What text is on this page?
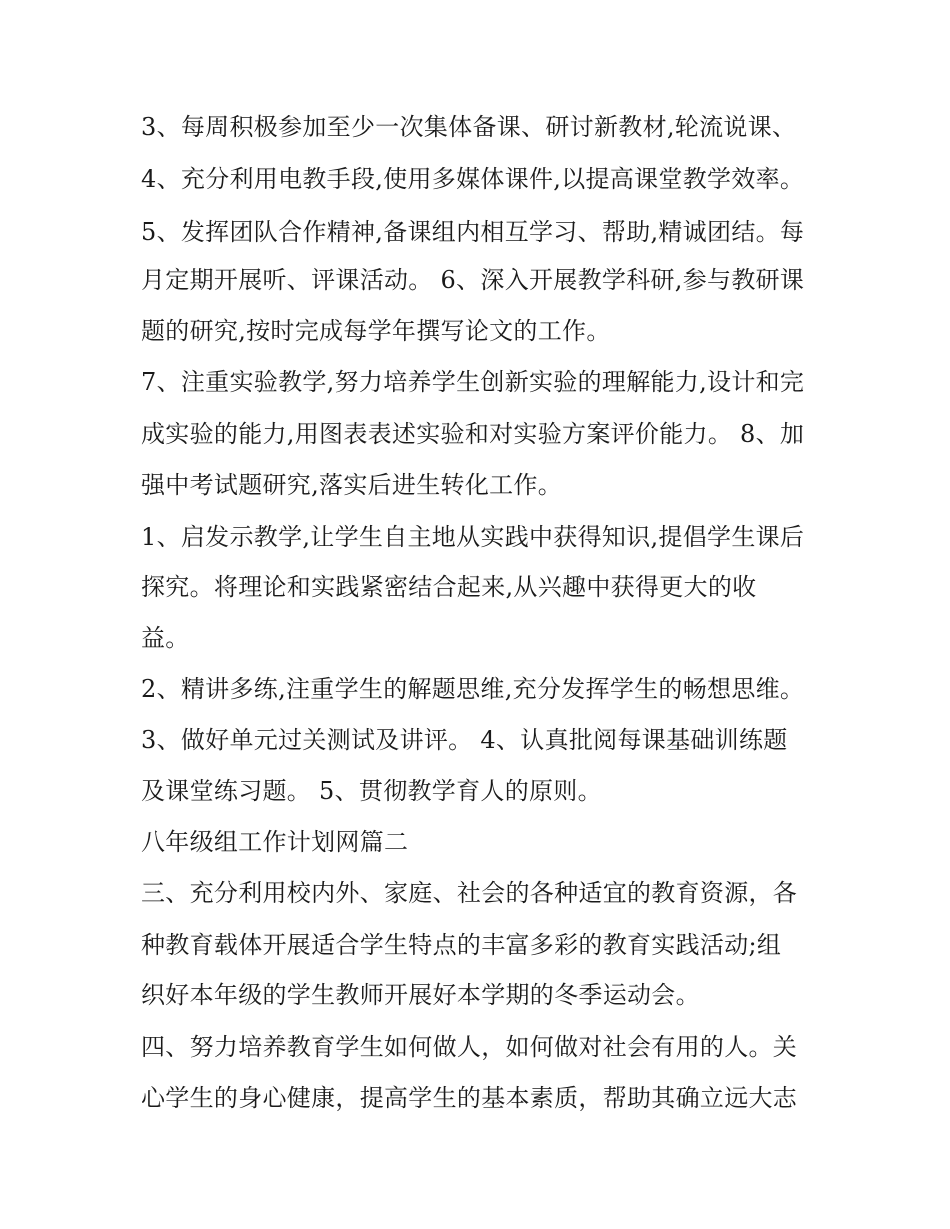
3、每周积极参加至少一次集体备课、研讨新教材,轮流说课、
4、充分利用电教手段,使用多媒体课件,以提高课堂教学效率。
5、发挥团队合作精神,备课组内相互学习、帮助,精诚团结。每
月定期开展听、评课活动。 6、深入开展教学科研,参与教研课
题的研究,按时完成每学年撰写论文的工作。
7、注重实验教学,努力培养学生创新实验的理解能力,设计和完
成实验的能力,用图表表述实验和对实验方案评价能力。 8、加
强中考试题研究,落实后进生转化工作。
1、启发示教学,让学生自主地从实践中获得知识,提倡学生课后
探究。将理论和实践紧密结合起来,从兴趣中获得更大的收
益。
2、精讲多练,注重学生的解题思维,充分发挥学生的畅想思维。
3、做好单元过关测试及讲评。 4、认真批阅每课基础训练题
及课堂练习题。 5、贯彻教学育人的原则。
八年级组工作计划网篇二
三、充分利用校内外、家庭、社会的各种适宜的教育资源，各
种教育载体开展适合学生特点的丰富多彩的教育实践活动;组
织好本年级的学生教师开展好本学期的冬季运动会。
四、努力培养教育学生如何做人，如何做对社会有用的人。关
心学生的身心健康，提高学生的基本素质，帮助其确立远大志
